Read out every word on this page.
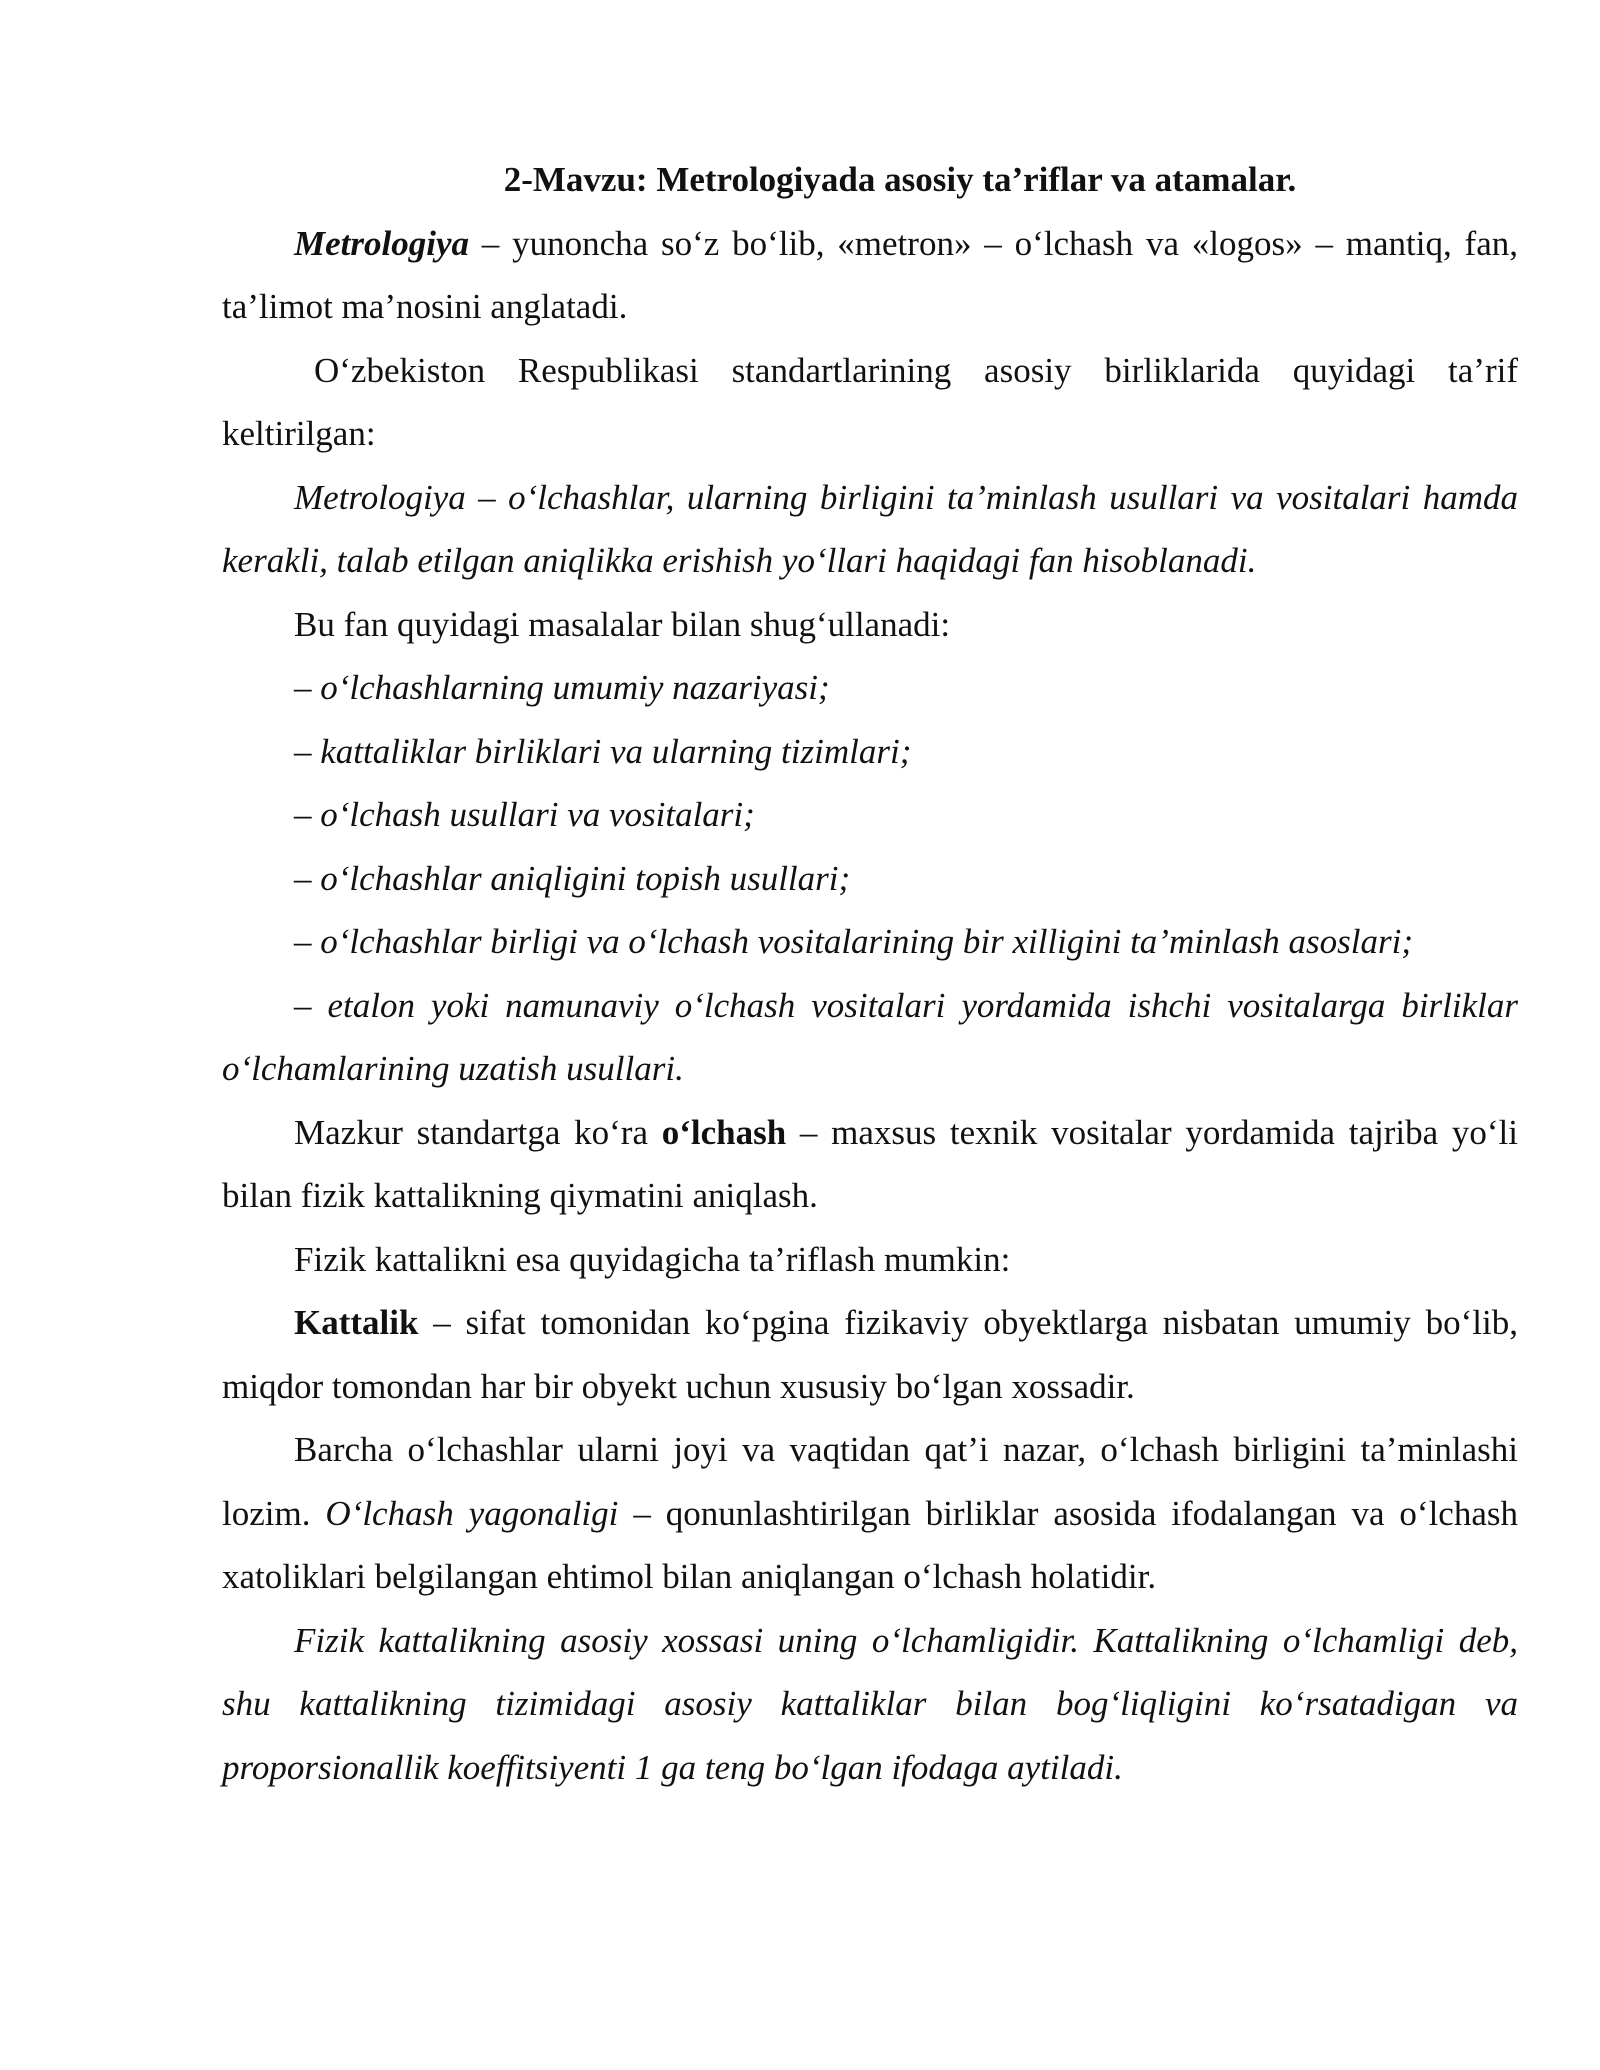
2-Mavzu: Metrologiyada asosiy ta’riflar va atamalar.

Metrologiya – yunoncha so‘z bo‘lib, «metron» – o‘lchash va «logos» – mantiq, fan, ta’limot ma’nosini anglatadi.

O‘zbekiston Respublikasi standartlarining asosiy birliklarida quyidagi ta’rif keltirilgan:

Metrologiya – o‘lchashlar, ularning birligini ta’minlash usullari va vositalari hamda kerakli, talab etilgan aniqlikka erishish yo‘llari haqidagi fan hisoblanadi.

Bu fan quyidagi masalalar bilan shug‘ullanadi:

– o‘lchashlarning umumiy nazariyasi;

– kattaliklar birliklari va ularning tizimlari;

– o‘lchash usullari va vositalari;

– o‘lchashlar aniqligini topish usullari;

– o‘lchashlar birligi va o‘lchash vositalarining bir xilligini ta’minlash asoslari;

– etalon yoki namunaviy o‘lchash vositalari yordamida ishchi vositalarga birliklar o‘lchamlarining uzatish usullari.

Mazkur standartga ko‘ra o‘lchash – maxsus texnik vositalar yordamida tajriba yo‘li bilan fizik kattalikning qiymatini aniqlash.

Fizik kattalikni esa quyidagicha ta’riflash mumkin:

Kattalik – sifat tomonidan ko‘pgina fizikaviy obyektlarga nisbatan umumiy bo‘lib, miqdor tomondan har bir obyekt uchun xususiy bo‘lgan xossadir.

Barcha o‘lchashlar ularni joyi va vaqtidan qat’i nazar, o‘lchash birligini ta’minlashi lozim. O‘lchash yagonaligi – qonunlashtirilgan birliklar asosida ifodalangan va o‘lchash xatoliklari belgilangan ehtimol bilan aniqlangan o‘lchash holatidir.

Fizik kattalikning asosiy xossasi uning o‘lchamligidir. Kattalikning o‘lchamligi deb, shu kattalikning tizimidagi asosiy kattaliklar bilan bog‘liqligini ko‘rsatadigan va proporsionallik koeffitsiyenti 1 ga teng bo‘lgan ifodaga aytiladi.
